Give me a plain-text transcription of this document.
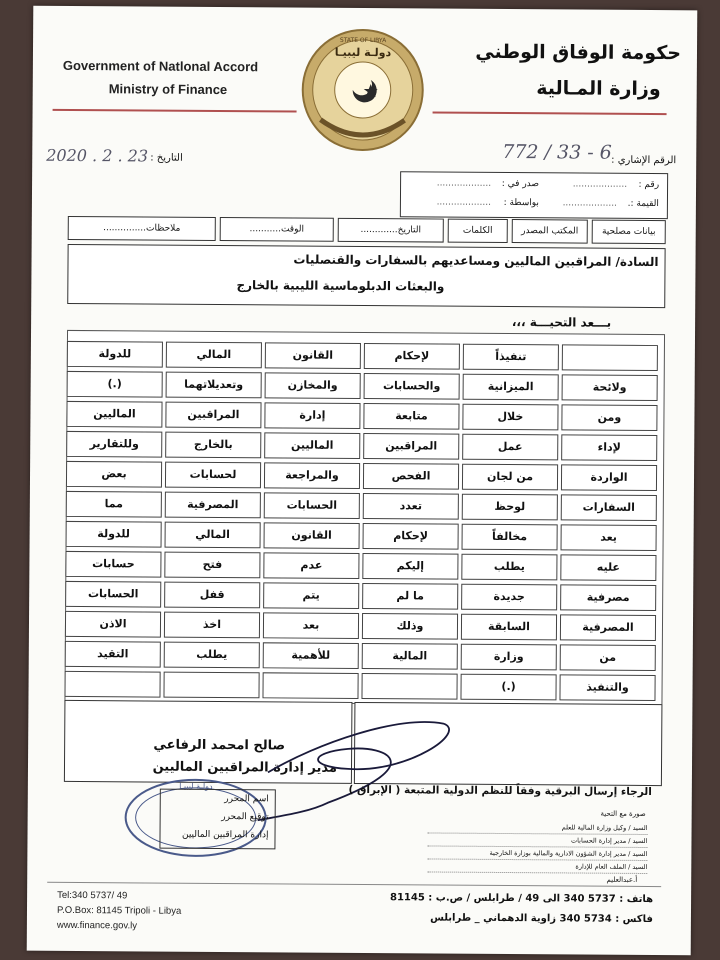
Government of Natlonal Accord
Ministry of Finance
STATE OF LIBYA
دولـة ليبيـا	حكومة الوفاق الوطني
وزارة المـالية
2020 . 2 . 23 التاريخ :	772 / 33 - 6 الرقم الإشاري :
رقم :
...................
صدر في :
...................
القيمة :.
...................
بواسطة :
...................
بيانات مصلحية
المكتب المصدر
الكلمات
التاريخ.............
الوقت...........
ملاحظات...............
السادة/ المراقبين الماليين ومساعديهم بالسفارات والقنصليات
والبعثات الدبلوماسية الليبية بالخارج
بـــعد التحيـــة ،،،
تنفيذاً
لإحكام
القانون
المالي
للدولة
ولائحة
الميزانية
والحسابات
والمخازن
وتعديلاتهما
(.)
ومن
خلال
متابعة
إدارة
المراقبين
الماليين
لإداء
عمل
المراقبين
الماليين
بالخارج
وللتقارير
الواردة
من لجان
الفحص
والمراجعة
لحسابات
بعض
السفارات
لوحظ
تعدد
الحسابات
المصرفية
مما
يعد
مخالفاً
لإحكام
القانون
المالي
للدولة
عليه
يطلب
إليكم
عدم
فتح
حسابات
مصرفية
جديدة
ما لم
يتم
قفل
الحسابات
المصرفية
السابقة
وذلك
بعد
اخذ
الاذن
من
وزارة
المالية
للأهمية
يطلب
التقيد
والتنفيذ
(.)
صالح امحمد الرفاعي
مدير إدارة المراقبين الماليين
الرجاء إرسال البرقية وفقاً للنظم الدولية المتبعة ( الإبراق )
دولـة ليبيـا
اسم المحرر
توقيع المحرر
إدارة المراقبين الماليين
صورة مع التحية
السيد / وكيل وزارة المالية للعلم
السيد / مدير إدارة الحسابات
السيد / مدير إدارة الشؤون الادارية والمالية بوزارة الخارجية
السيد / الملف العام للإدارة
أ.عبدالعليم
Tel:340 5737/ 49
P.O.Box: 81145 Tripoli - Libya
www.finance.gov.ly
هاتف : 5737 340 الى 49 / طرابلس / ص.ب : 81145
فاكس : 5734 340 زاوية الدهماني _ طرابلس
